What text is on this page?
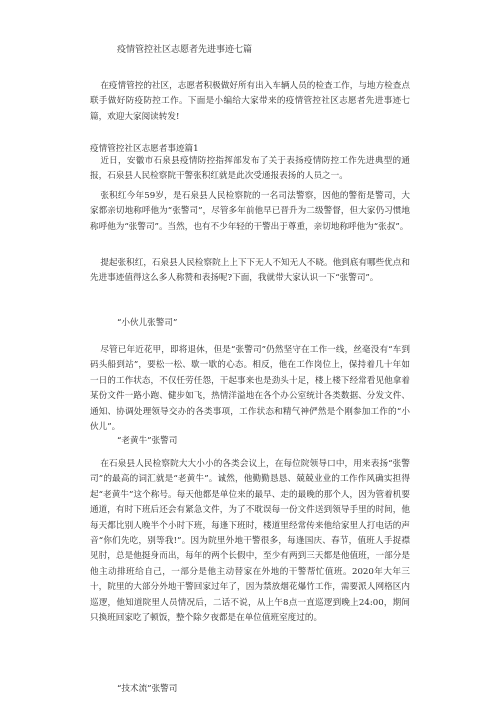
疫情管控社区志愿者先进事迹七篇

在疫情管控的社区，志愿者积极做好所有出入车辆人员的检查工作，与地方检查点联手做好防疫防控工作。下面是小编给大家带来的疫情管控社区志愿者先进事迹七篇，欢迎大家阅读转发!

疫情管控社区志愿者事迹篇1

近日，安徽市石泉县疫情防控指挥部发布了关于表扬疫情防控工作先进典型的通报，石泉县人民检察院干警张积红就是此次受通报表扬的人员之一。

张积红今年59岁，是石泉县人民检察院的一名司法警察，因他的警衔是警司，大家都亲切地称呼他为“张警司”，尽管多年前他早已晋升为二级警督，但大家仍习惯地称呼他为“张警司”。当然，也有不少年轻的干警出于尊重，亲切地称呼他为“张叔”。

提起张积红，石泉县人民检察院上上下下无人不知无人不晓。他到底有哪些优点和先进事迹值得这么多人称赞和表扬呢?下面，我就带大家认识一下“张警司”。

“小伙儿张警司”

尽管已年近花甲，即将退休，但是“张警司”仍然坚守在工作一线，丝毫没有“车到码头船到站”，要松一松、歇一歇的心态。相反，他在工作岗位上，保持着几十年如一日的工作状态，不仅任劳任怨，干起事来也是劲头十足，楼上楼下经常看见他拿着某份文件一路小跑、健步如飞，热情洋溢地在各个办公室统计各类数据、分发文件、通知、协调处理领导交办的各类事项，工作状态和精气神俨然是个刚参加工作的“小伙儿”。

“老黄牛”张警司

在石泉县人民检察院大大小小的各类会议上，在每位院领导口中，用来表扬“张警司”的最高的词汇就是“老黄牛”。诚然，他勤勤恳恳、兢兢业业的工作作风确实担得起“老黄牛”这个称号。每天他都是单位来的最早、走的最晚的那个人，因为管着机要通道，有时下班后还会有紧急文件，为了不耽误每一份文件送到领导手里的时间，他每天都比别人晚半个小时下班，每逢下班时，楼道里经常传来他给家里人打电话的声音“你们先吃，别等我!”。因为院里外地干警很多，每逢国庆、春节，值班人手捉襟见肘，总是他挺身而出，每年的两个长假中，至少有两到三天都是他值班，一部分是他主动排班给自己，一部分是他主动替家在外地的干警帮忙值班。2020年大年三十，院里的大部分外地干警回家过年了，因为禁放烟花爆竹工作，需要派人网格区内巡逻，他知道院里人员情况后，二话不说，从上午8点一直巡逻到晚上24:00，期间只换班回家吃了顿饭，整个除夕夜都是在单位值班室度过的。

“技术流”张警司
